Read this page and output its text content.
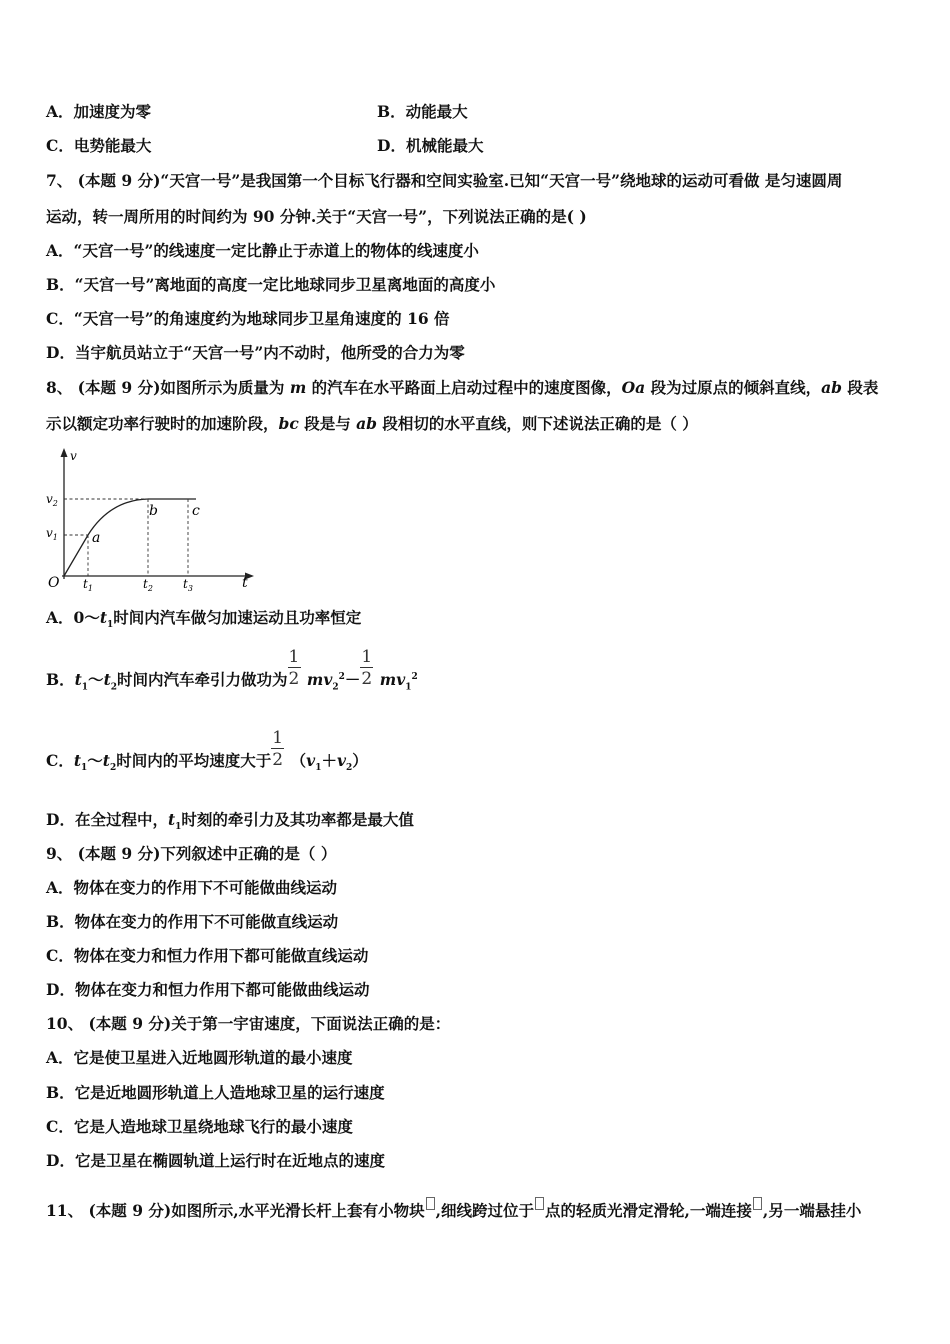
A．加速度为零	B．动能最大
C．电势能最大	D．机械能最大
7、 (本题 9 分)“天宫一号”是我国第一个目标飞行器和空间实验室.已知“天宫一号”绕地球的运动可看做 是匀速圆周
运动，转一周所用的时间约为 90 分钟.关于“天宫一号”，下列说法正确的是( )
A．“天宫一号”的线速度一定比静止于赤道上的物体的线速度小
B．“天宫一号”离地面的高度一定比地球同步卫星离地面的高度小
C．“天宫一号”的角速度约为地球同步卫星角速度的 16 倍
D．当宇航员站立于“天宫一号”内不动时，他所受的合力为零
8、 (本题 9 分)如图所示为质量为 m 的汽车在水平路面上启动过程中的速度图像，Oa 段为过原点的倾斜直线，ab 段表
示以额定功率行驶时的加速阶段，bc 段是与 ab 段相切的水平直线，则下述说法正确的是（ ）
v
$v_2$
$v_1$
O
a
b c
$t_1$	$t_2$	$t_3$	t
A．$0\sim t_1$时间内汽车做匀加速运动且功率恒定
B．$t_1\sim t_2$时间内汽车牵引力做功为 $\frac{1}{2} mv_2^2- \frac{1}{2} mv_1^2$
C．$t_1\sim t_2$时间内的平均速度大于 $\frac{1}{2} (v_1+v_2)$
D．在全过程中，$t_1$时刻的牵引力及其功率都是最大值
9、 (本题 9 分)下列叙述中正确的是（ ）
A．物体在变力的作用下不可能做曲线运动
B．物体在变力的作用下不可能做直线运动
C．物体在变力和恒力作用下都可能做直线运动
D．物体在变力和恒力作用下都可能做曲线运动
10、 (本题 9 分)关于第一宇宙速度，下面说法正确的是：
A．它是使卫星进入近地圆形轨道的最小速度
B．它是近地圆形轨道上人造地球卫星的运行速度
C．它是人造地球卫星绕地球飞行的最小速度
D．它是卫星在椭圆轨道上运行时在近地点的速度
11、 (本题 9 分)如图所示,水平光滑长杆上套有小物块 ,细线跨过位于 点的轻质光滑定滑轮,一端连接 ,另一端悬挂小
